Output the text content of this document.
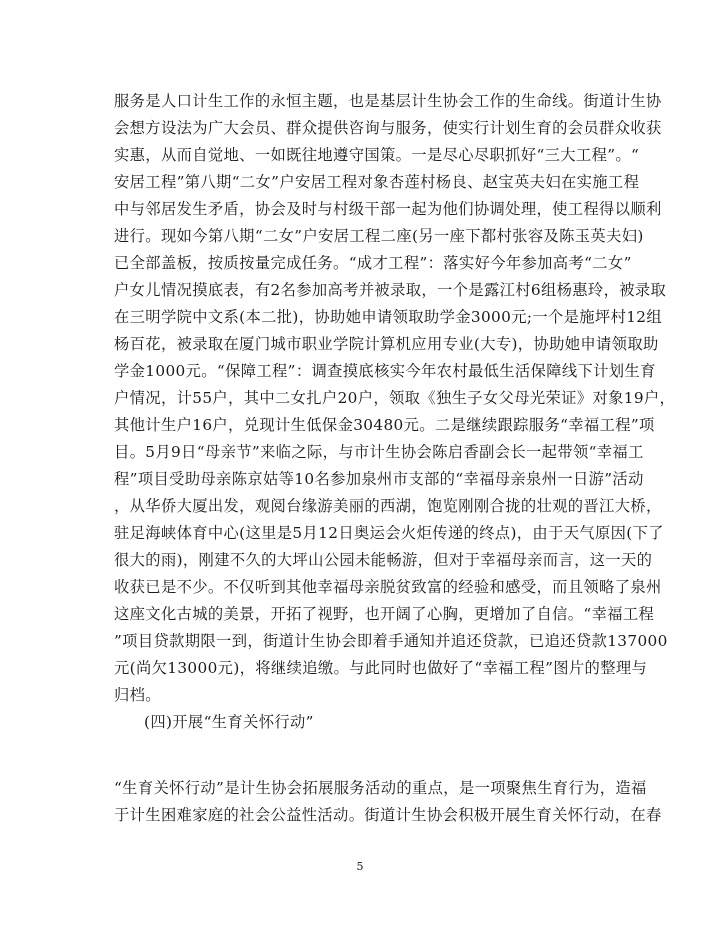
服务是人口计生工作的永恒主题，也是基层计生协会工作的生命线。街道计生协
会想方设法为广大会员、群众提供咨询与服务，使实行计划生育的会员群众收获
实惠，从而自觉地、一如既往地遵守国策。一是尽心尽职抓好“三大工程”。“
安居工程”第八期“二女”户安居工程对象杏莲村杨良、赵宝英夫妇在实施工程
中与邻居发生矛盾，协会及时与村级干部一起为他们协调处理，使工程得以顺利
进行。现如今第八期“二女”户安居工程二座(另一座下都村张容及陈玉英夫妇)
已全部盖板，按质按量完成任务。“成才工程”：落实好今年参加高考“二女”
户女儿情况摸底表，有2名参加高考并被录取，一个是露江村6组杨惠玲，被录取
在三明学院中文系(本二批)，协助她申请领取助学金3000元;一个是施坪村12组
杨百花，被录取在厦门城市职业学院计算机应用专业(大专)，协助她申请领取助
学金1000元。“保障工程”：调查摸底核实今年农村最低生活保障线下计划生育
户情况，计55户，其中二女扎户20户，领取《独生子女父母光荣证》对象19户，
其他计生户16户，兑现计生低保金30480元。二是继续跟踪服务“幸福工程”项
目。5月9日“母亲节”来临之际，与市计生协会陈启香副会长一起带领“幸福工
程”项目受助母亲陈京姑等10名参加泉州市支部的“幸福母亲泉州一日游”活动
，从华侨大厦出发，观阅台缘游美丽的西湖，饱览刚刚合拢的壮观的晋江大桥，
驻足海峡体育中心(这里是5月12日奥运会火炬传递的终点)，由于天气原因(下了
很大的雨)，刚建不久的大坪山公园未能畅游，但对于幸福母亲而言，这一天的
收获已是不少。不仅听到其他幸福母亲脱贫致富的经验和感受，而且领略了泉州
这座文化古城的美景，开拓了视野，也开阔了心胸，更增加了自信。“幸福工程
”项目贷款期限一到，街道计生协会即着手通知并追还贷款，已追还贷款137000
元(尚欠13000元)，将继续追缴。与此同时也做好了“幸福工程”图片的整理与
归档。
(四)开展“生育关怀行动”
“生育关怀行动”是计生协会拓展服务活动的重点，是一项聚焦生育行为，造福
于计生困难家庭的社会公益性活动。街道计生协会积极开展生育关怀行动，在春
5
